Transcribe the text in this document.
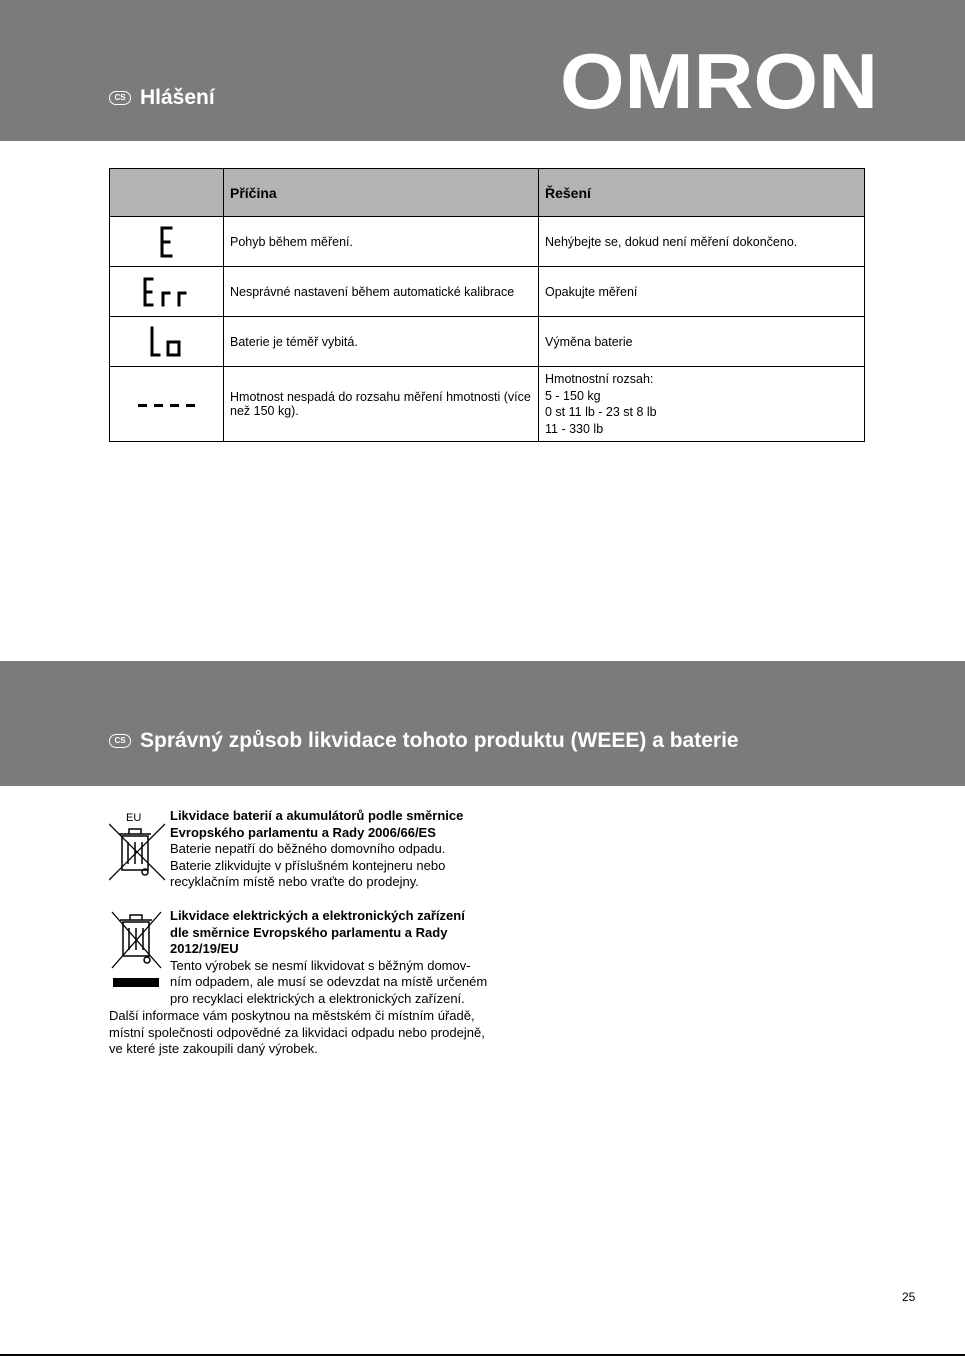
CS Hlášení	OMRON
	Příčina	Řešení

	Pohyb během měření.	Nehýbejte se, dokud není měření dokončeno.

	Nesprávné nastavení během automatické kalibrace	Opakujte měření

	Baterie je téměř vybitá.	Výměna baterie

	Hmotnost nespadá do rozsahu měření hmotnosti (více než 150 kg).	Hmotnostní rozsah:
5 - 150 kg
0 st 11 lb - 23 st 8 lb
11 - 330 lb
CS Správný způsob likvidace tohoto produktu (WEEE) a baterie
EU Likvidace baterií a akumulátorů podle směrnice
Evropského parlamentu a Rady 2006/66/ES
Baterie nepatří do běžného domovního odpadu.
Baterie zlikvidujte v příslušném kontejneru nebo
recyklačním místě nebo vraťte do prodejny.
Likvidace elektrických a elektronických zařízení
dle směrnice Evropského parlamentu a Rady
2012/19/EU
Tento výrobek se nesmí likvidovat s běžným domov-
ním odpadem, ale musí se odevzdat na místě určeném
pro recyklaci elektrických a elektronických zařízení.
Další informace vám poskytnou na městském či místním úřadě,
místní společnosti odpovědné za likvidaci odpadu nebo prodejně,
ve které jste zakoupili daný výrobek.
25
